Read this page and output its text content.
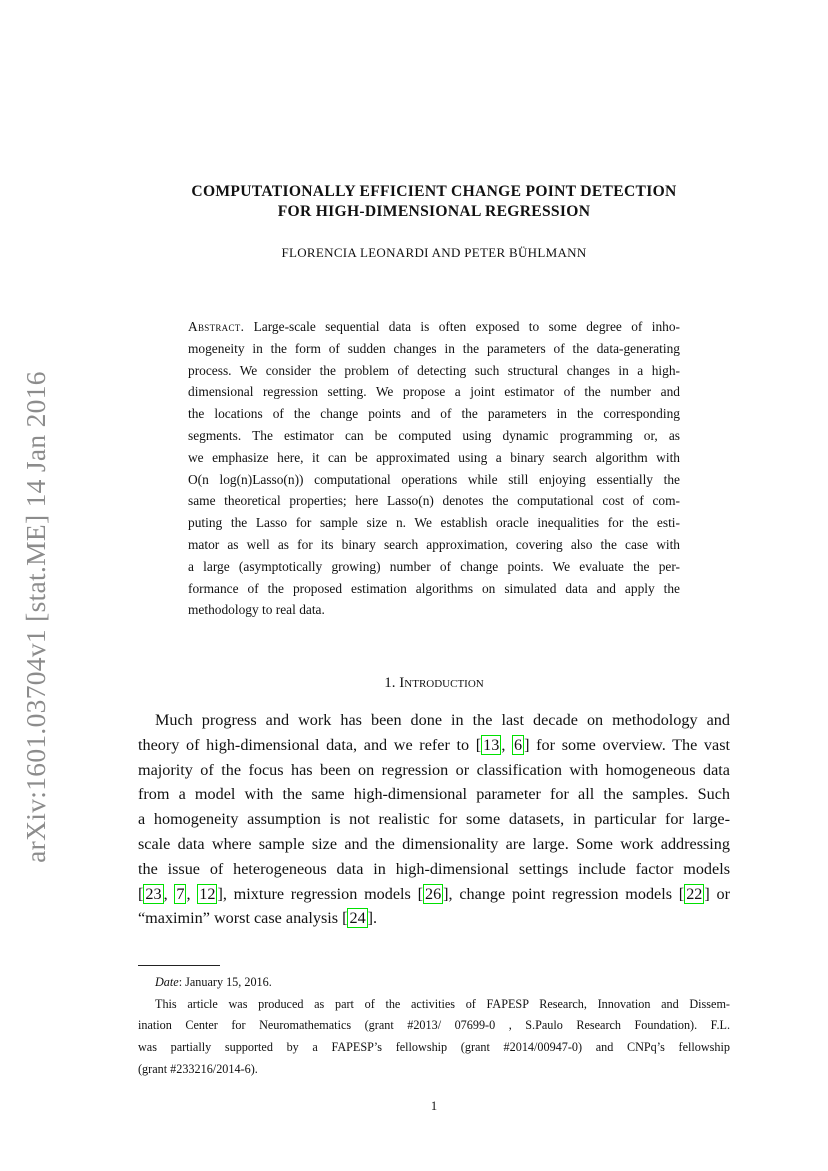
arXiv:1601.03704v1 [stat.ME] 14 Jan 2016
COMPUTATIONALLY EFFICIENT CHANGE POINT DETECTION
FOR HIGH-DIMENSIONAL REGRESSION
FLORENCIA LEONARDI AND PETER BÜHLMANN
Abstract. Large-scale sequential data is often exposed to some degree of inho-
mogeneity in the form of sudden changes in the parameters of the data-generating
process. We consider the problem of detecting such structural changes in a high-
dimensional regression setting. We propose a joint estimator of the number and
the locations of the change points and of the parameters in the corresponding
segments. The estimator can be computed using dynamic programming or, as
we emphasize here, it can be approximated using a binary search algorithm with
O(n log(n)Lasso(n)) computational operations while still enjoying essentially the
same theoretical properties; here Lasso(n) denotes the computational cost of com-
puting the Lasso for sample size n. We establish oracle inequalities for the esti-
mator as well as for its binary search approximation, covering also the case with
a large (asymptotically growing) number of change points. We evaluate the per-
formance of the proposed estimation algorithms on simulated data and apply the
methodology to real data.
1. Introduction
Much progress and work has been done in the last decade on methodology and
theory of high-dimensional data, and we refer to [ 13 , 6 ] for some overview. The vast
majority of the focus has been on regression or classification with homogeneous data
from a model with the same high-dimensional parameter for all the samples. Such
a homogeneity assumption is not realistic for some datasets, in particular for large-
scale data where sample size and the dimensionality are large. Some work addressing
the issue of heterogeneous data in high-dimensional settings include factor models
[ 23 , 7 , 12 ], mixture regression models [ 26 ], change point regression models [ 22 ] or
“maximin” worst case analysis [ 24 ].
Date: January 15, 2016.
This article was produced as part of the activities of FAPESP Research, Innovation and Dissem-
ination Center for Neuromathematics (grant #2013/ 07699-0 , S.Paulo Research Foundation). F.L.
was partially supported by a FAPESP’s fellowship (grant #2014/00947-0) and CNPq’s fellowship
(grant #233216/2014-6).
1
